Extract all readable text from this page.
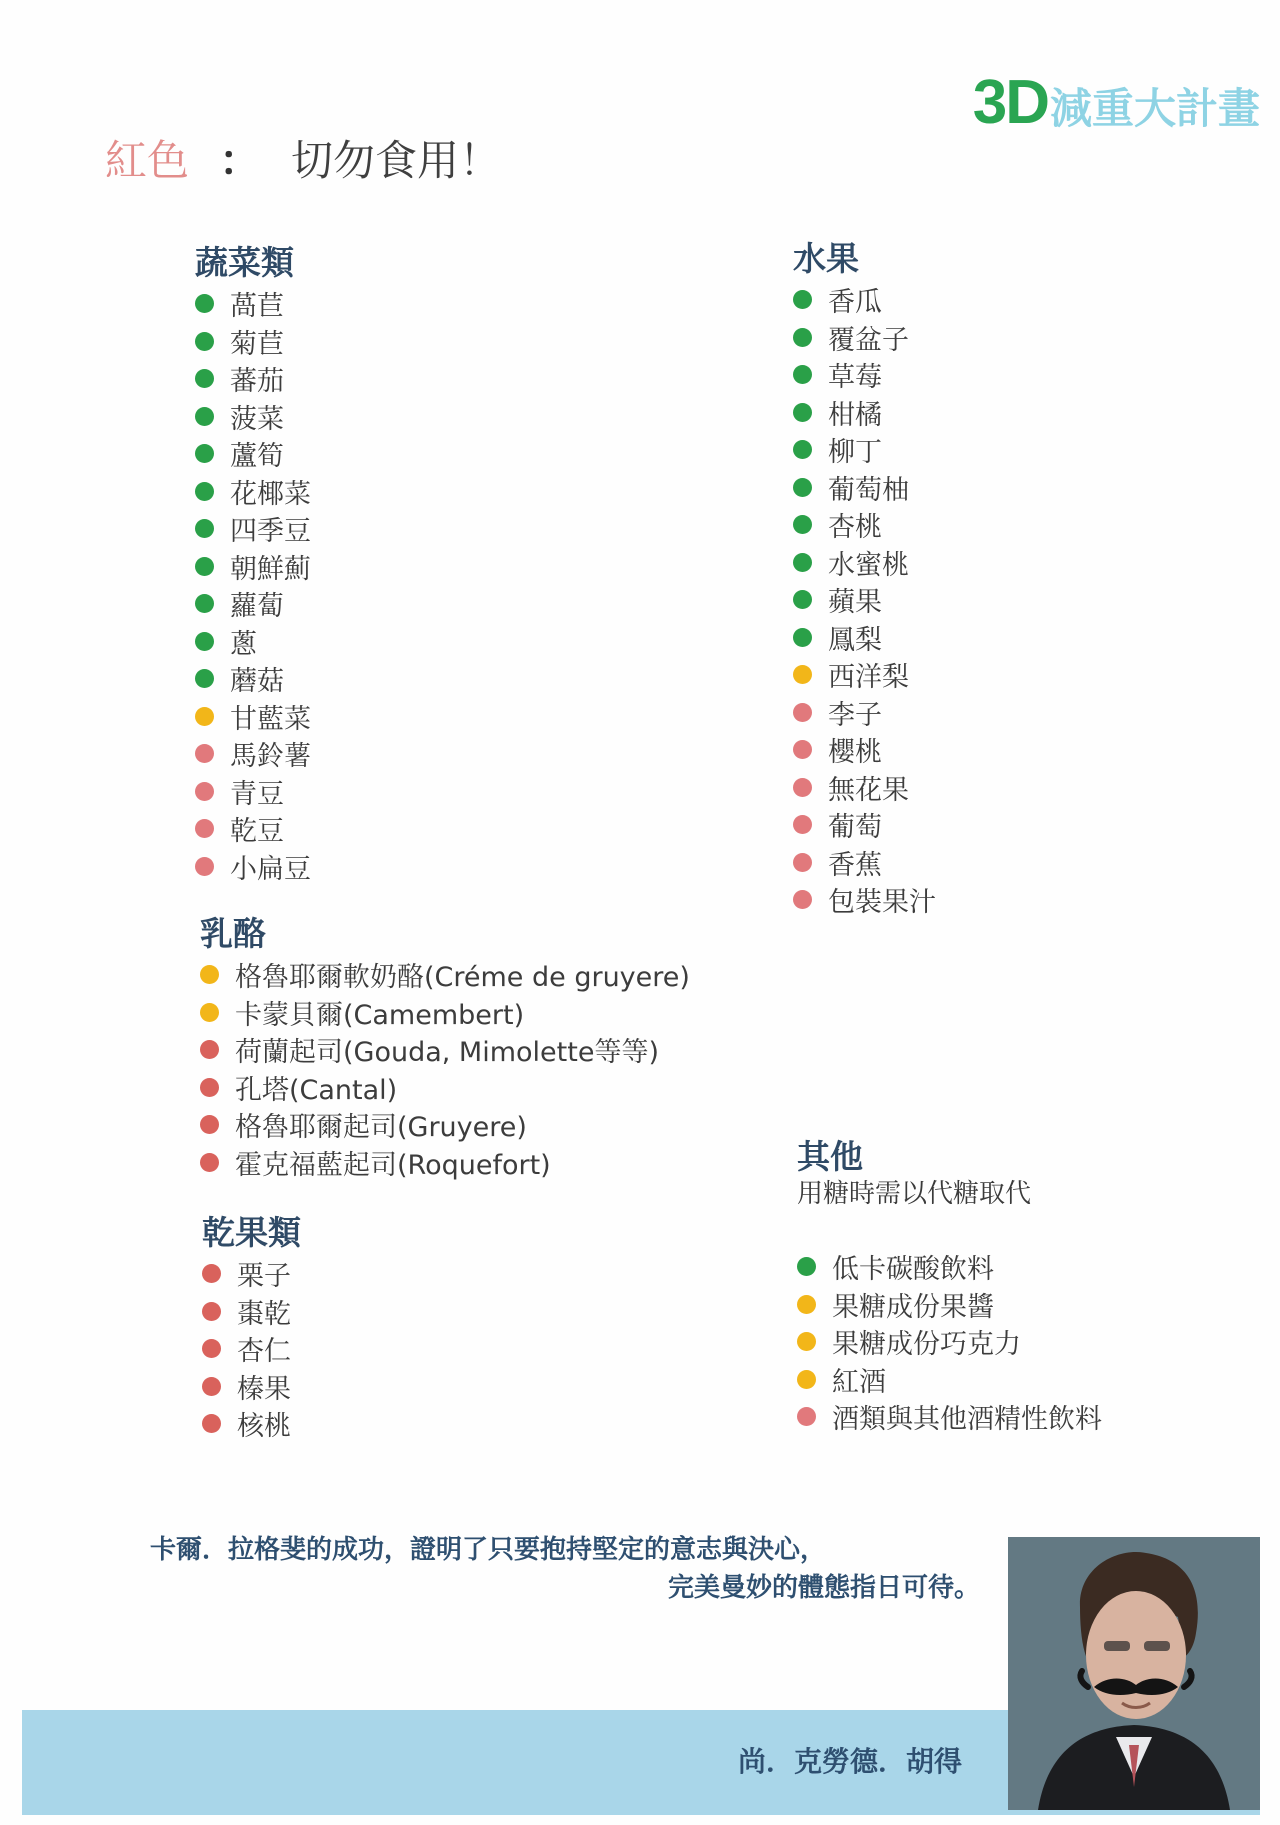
3D 減重大計畫
紅色 ： 切勿食用！
蔬菜類
萵苣
菊苣
蕃茄
菠菜
蘆筍
花椰菜
四季豆
朝鮮薊
蘿蔔
蔥
蘑菇
甘藍菜
馬鈴薯
青豆
乾豆
小扁豆
水果
香瓜
覆盆子
草莓
柑橘
柳丁
葡萄柚
杏桃
水蜜桃
蘋果
鳳梨
西洋梨
李子
櫻桃
無花果
葡萄
香蕉
包裝果汁
乳酪
格魯耶爾軟奶酪(Créme de gruyere)
卡蒙貝爾(Camembert)
荷蘭起司(Gouda, Mimolette等等)
孔塔(Cantal)
格魯耶爾起司(Gruyere)
霍克福藍起司(Roquefort)
乾果類
栗子
棗乾
杏仁
榛果
核桃
其他
用糖時需以代糖取代
低卡碳酸飲料
果糖成份果醬
果糖成份巧克力
紅酒
酒類與其他酒精性飲料
卡爾．拉格斐的成功，證明了只要抱持堅定的意志與決心，
完美曼妙的體態指日可待。
尚．克勞德．胡得
